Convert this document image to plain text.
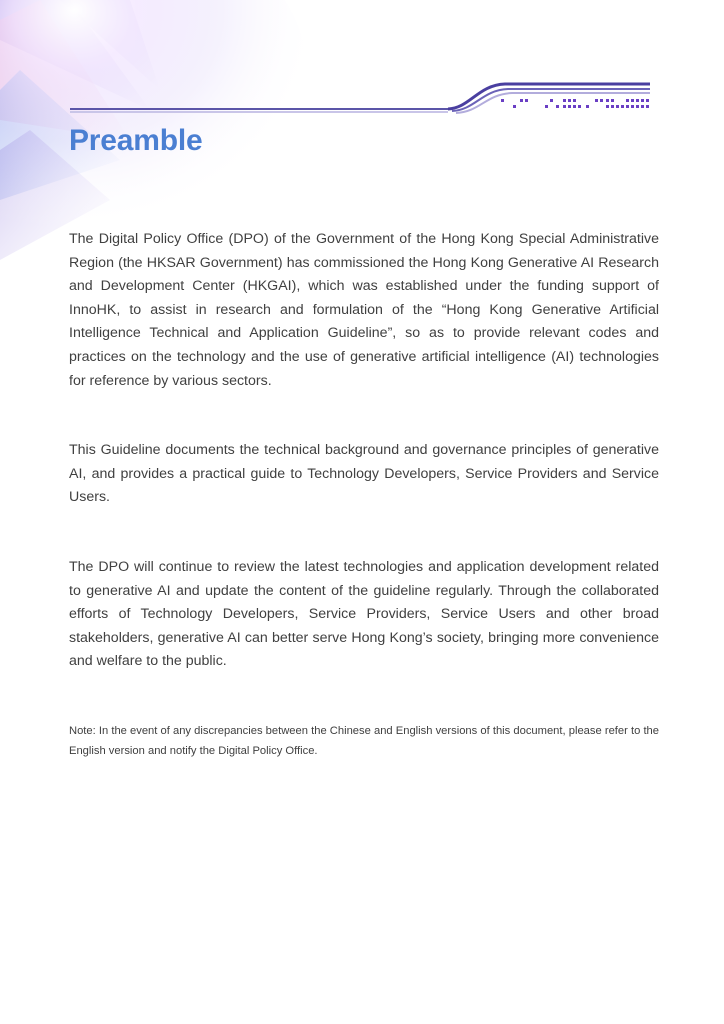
Preamble

The Digital Policy Office (DPO) of the Government of the Hong Kong Special Administrative Region (the HKSAR Government) has commissioned the Hong Kong Generative AI Research and Development Center (HKGAI), which was established under the funding support of InnoHK, to assist in research and formulation of the “Hong Kong Generative Artificial Intelligence Technical and Application Guideline”, so as to provide relevant codes and practices on the technology and the use of generative artificial intelligence (AI) technologies for reference by various sectors.

This Guideline documents the technical background and governance principles of generative AI, and provides a practical guide to Technology Developers, Service Providers and Service Users.

The DPO will continue to review the latest technologies and application development related to generative AI and update the content of the guideline regularly. Through the collaborated efforts of Technology Developers, Service Providers, Service Users and other broad stakeholders, generative AI can better serve Hong Kong’s society, bringing more convenience and welfare to the public.

Note: In the event of any discrepancies between the Chinese and English versions of this document, please refer to the English version and notify the Digital Policy Office.
